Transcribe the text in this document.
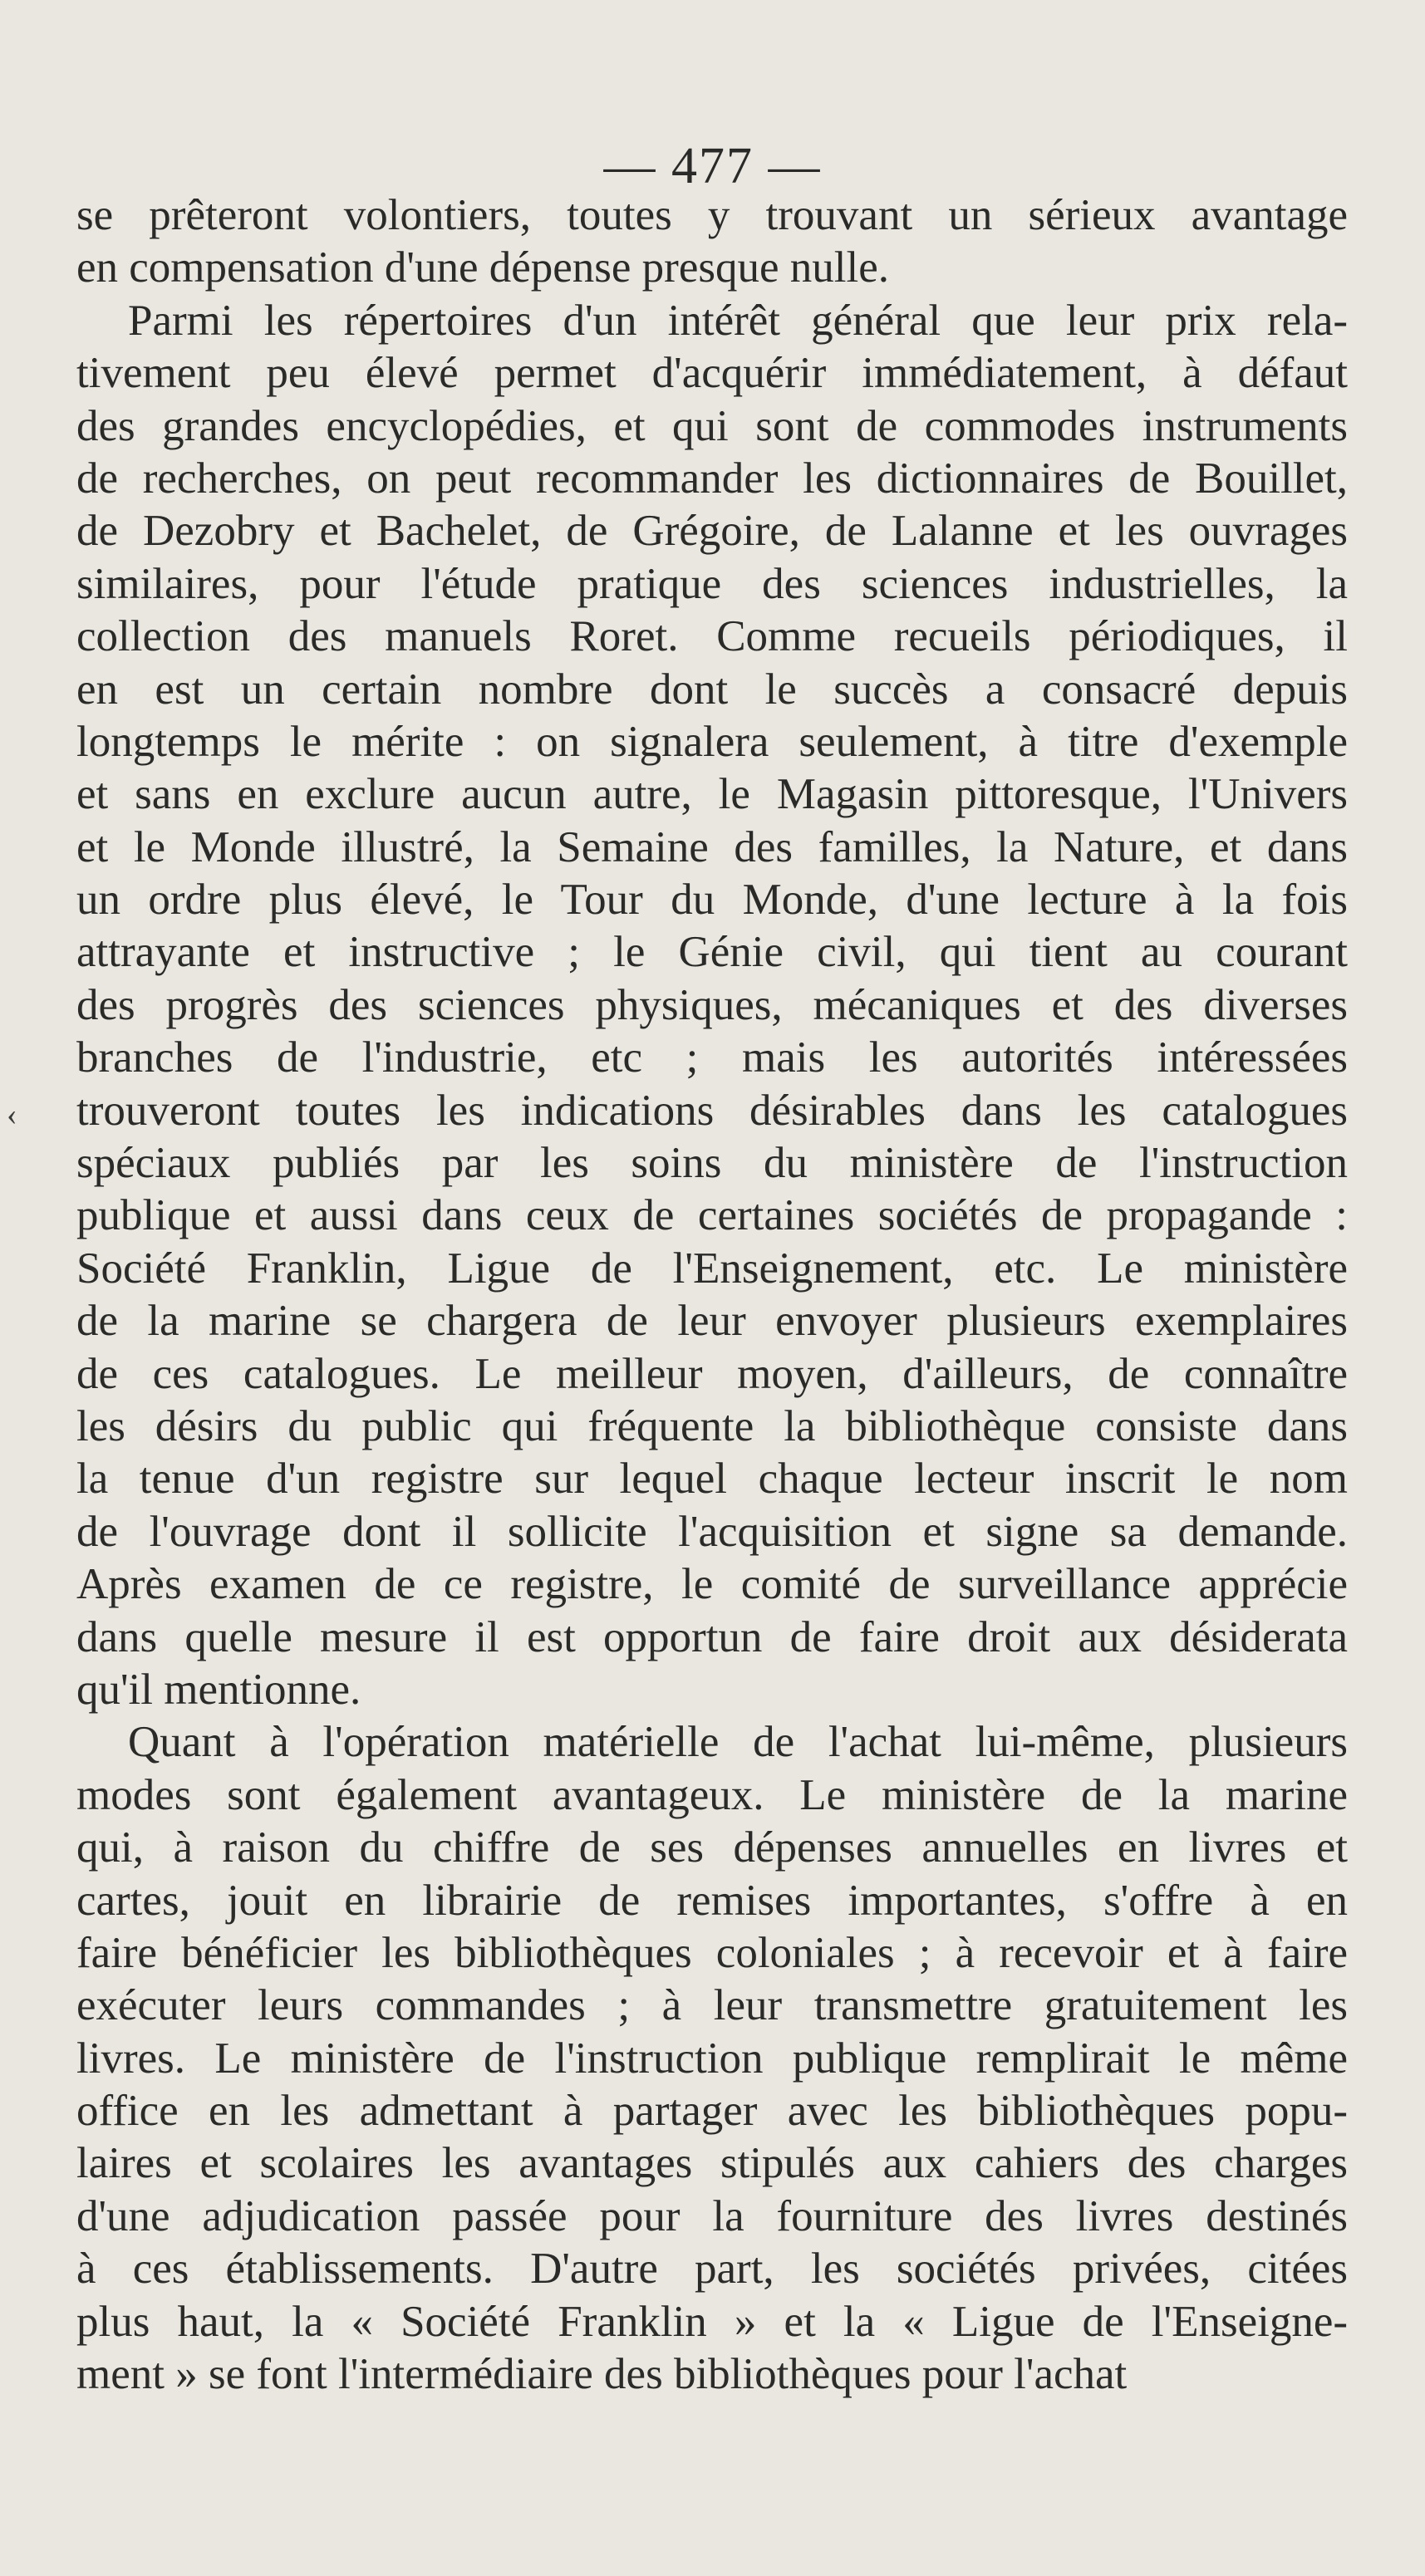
— 477 —
‹
se prêteront volontiers, toutes y trouvant un sérieux avantage
en compensation d'une dépense presque nulle.
Parmi les répertoires d'un intérêt général que leur prix rela-
tivement peu élevé permet d'acquérir immédiatement, à défaut
des grandes encyclopédies, et qui sont de commodes instruments
de recherches, on peut recommander les dictionnaires de Bouillet,
de Dezobry et Bachelet, de Grégoire, de Lalanne et les ouvrages
similaires, pour l'étude pratique des sciences industrielles, la
collection des manuels Roret. Comme recueils périodiques, il
en est un certain nombre dont le succès a consacré depuis
longtemps le mérite : on signalera seulement, à titre d'exemple
et sans en exclure aucun autre, le Magasin pittoresque, l'Univers
et le Monde illustré, la Semaine des familles, la Nature, et dans
un ordre plus élevé, le Tour du Monde, d'une lecture à la fois
attrayante et instructive ; le Génie civil, qui tient au courant
des progrès des sciences physiques, mécaniques et des diverses
branches de l'industrie, etc ; mais les autorités intéressées
trouveront toutes les indications désirables dans les catalogues
spéciaux publiés par les soins du ministère de l'instruction
publique et aussi dans ceux de certaines sociétés de propagande :
Société Franklin, Ligue de l'Enseignement, etc. Le ministère
de la marine se chargera de leur envoyer plusieurs exemplaires
de ces catalogues. Le meilleur moyen, d'ailleurs, de connaître
les désirs du public qui fréquente la bibliothèque consiste dans
la tenue d'un registre sur lequel chaque lecteur inscrit le nom
de l'ouvrage dont il sollicite l'acquisition et signe sa demande.
Après examen de ce registre, le comité de surveillance apprécie
dans quelle mesure il est opportun de faire droit aux désiderata
qu'il mentionne.
Quant à l'opération matérielle de l'achat lui-même, plusieurs
modes sont également avantageux. Le ministère de la marine
qui, à raison du chiffre de ses dépenses annuelles en livres et
cartes, jouit en librairie de remises importantes, s'offre à en
faire bénéficier les bibliothèques coloniales ; à recevoir et à faire
exécuter leurs commandes ; à leur transmettre gratuitement les
livres. Le ministère de l'instruction publique remplirait le même
office en les admettant à partager avec les bibliothèques popu-
laires et scolaires les avantages stipulés aux cahiers des charges
d'une adjudication passée pour la fourniture des livres destinés
à ces établissements. D'autre part, les sociétés privées, citées
plus haut, la « Société Franklin » et la « Ligue de l'Enseigne-
ment » se font l'intermédiaire des bibliothèques pour l'achat
